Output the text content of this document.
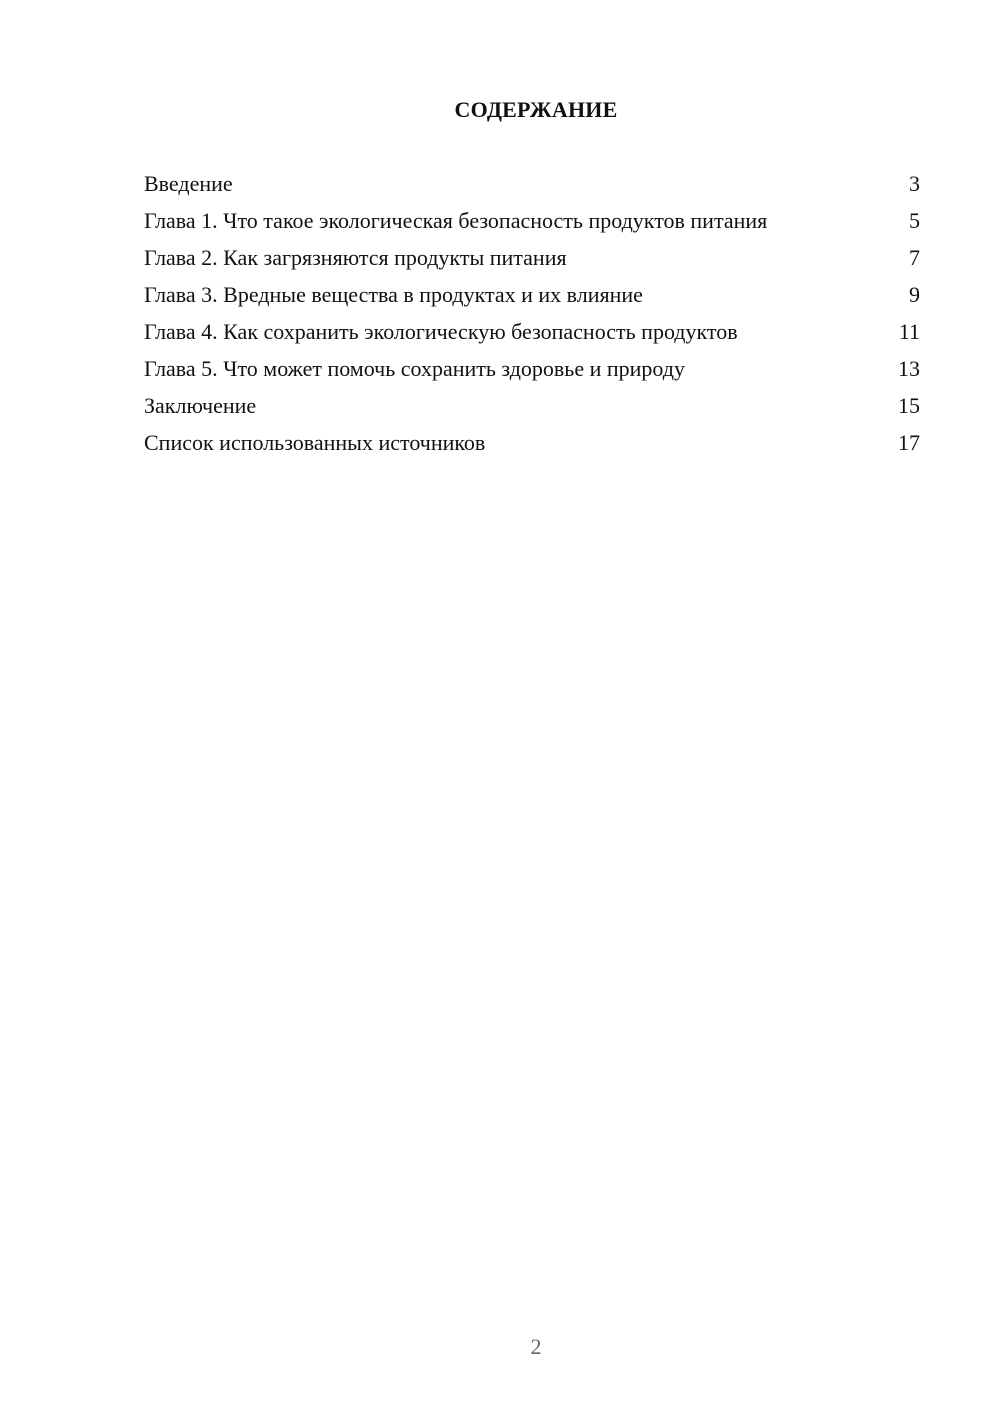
СОДЕРЖАНИЕ
Введение	3
Глава 1. Что такое экологическая безопасность продуктов питания	5
Глава 2. Как загрязняются продукты питания	7
Глава 3. Вредные вещества в продуктах и их влияние	9
Глава 4. Как сохранить экологическую безопасность продуктов	11
Глава 5. Что может помочь сохранить здоровье и природу	13
Заключение	15
Список использованных источников	17
2
